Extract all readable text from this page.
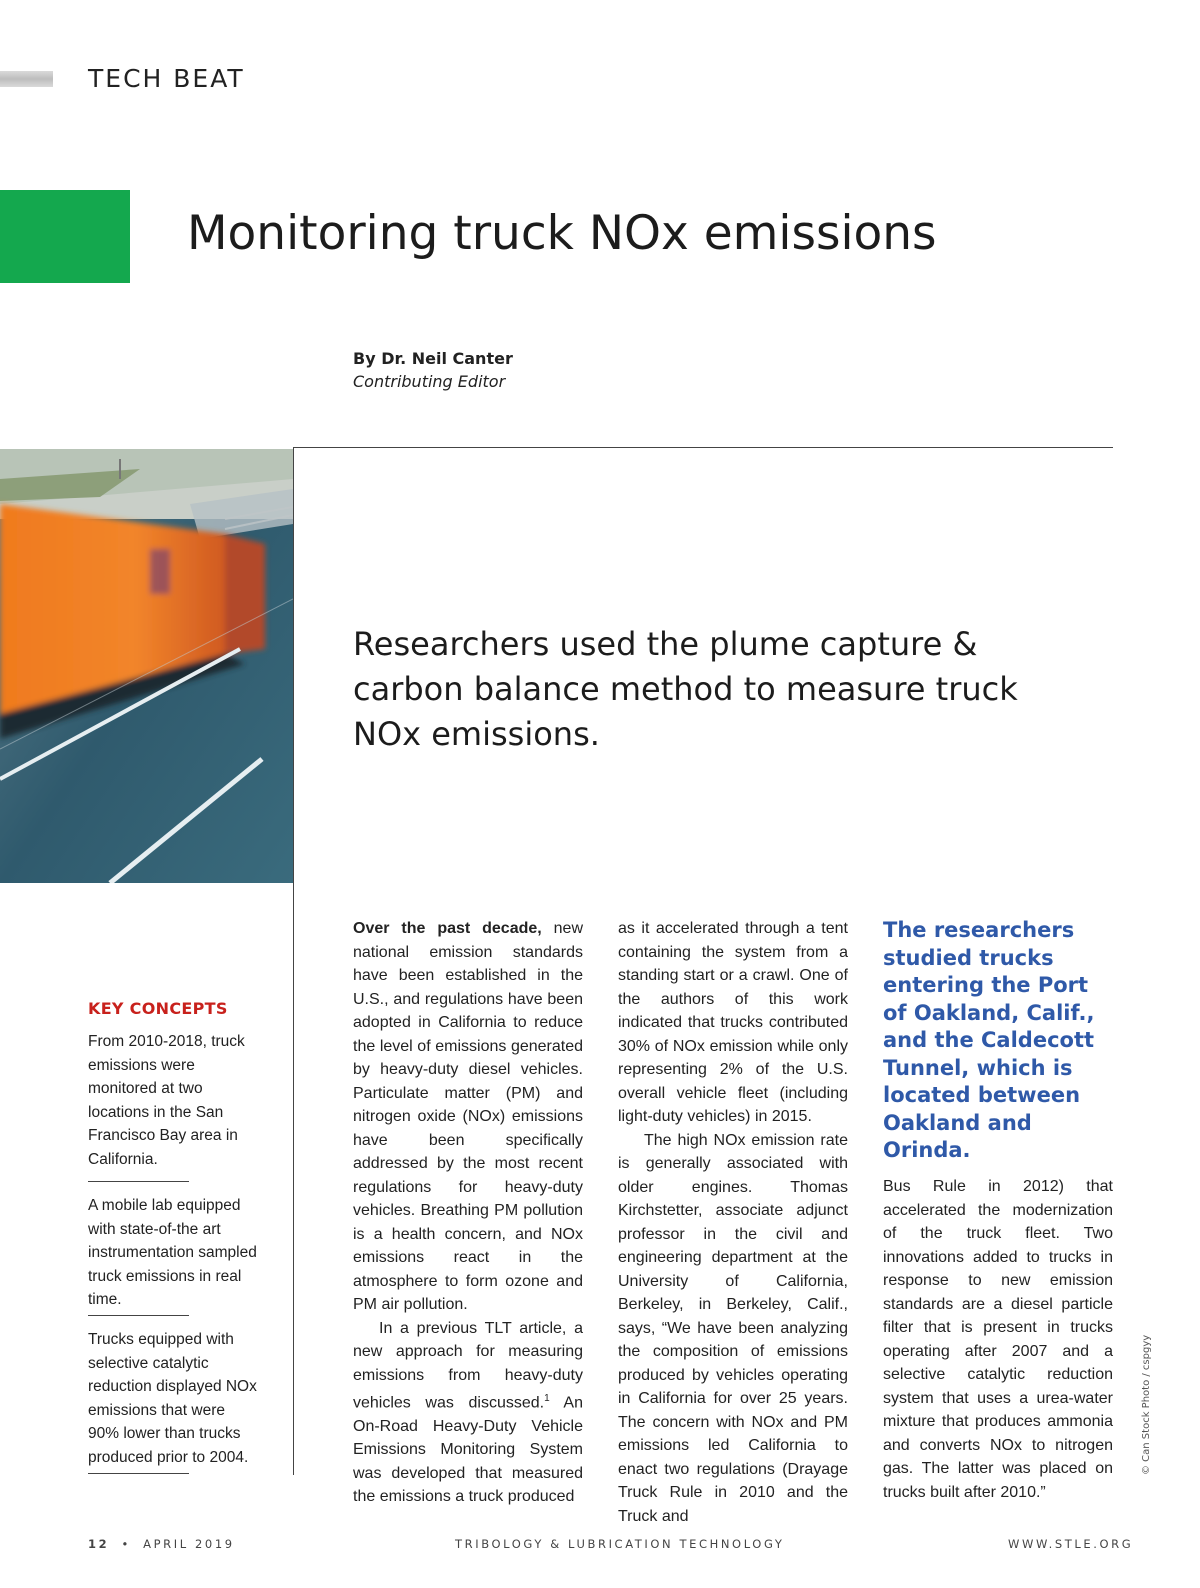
TECH BEAT
Monitoring truck NOx emissions
By Dr. Neil Canter
Contributing Editor
Researchers used the plume capture & carbon balance method to measure truck NOx emissions.
KEY CONCEPTS
From 2010-2018, truck emissions were monitored at two locations in the San Francisco Bay area in California.
A mobile lab equipped with state-of-the art instrumentation sampled truck emissions in real time.
Trucks equipped with selective catalytic reduction displayed NOx emissions that were 90% lower than trucks produced prior to 2004.

Over the past decade, new national emission standards have been established in the U.S., and regulations have been adopted in California to reduce the level of emissions generated by heavy-duty diesel vehicles. Particulate matter (PM) and nitrogen oxide (NOx) emissions have been specifically addressed by the most recent regulations for heavy-duty vehicles. Breathing PM pollution is a health concern, and NOx emissions react in the atmosphere to form ozone and PM air pollution.

In a previous TLT article, a new approach for measuring emissions from heavy-duty vehicles was discussed.$^1$ An On-Road Heavy-Duty Vehicle Emissions Monitoring System was developed that measured the emissions a truck produced

as it accelerated through a tent containing the system from a standing start or a crawl. One of the authors of this work indicated that trucks contributed 30% of NOx emission while only representing 2% of the U.S. overall vehicle fleet (including light-duty vehicles) in 2015.

The high NOx emission rate is generally associated with older engines. Thomas Kirchstetter, associate adjunct professor in the civil and engineering department at the University of California, Berkeley, in Berkeley, Calif., says, “We have been analyzing the composition of emissions produced by vehicles operating in California for over 25 years. The concern with NOx and PM emissions led California to enact two regulations (Drayage Truck Rule in 2010 and the Truck and

The researchers studied trucks entering the Port of Oakland, Calif., and the Caldecott Tunnel, which is located between Oakland and Orinda.

Bus Rule in 2012) that accelerated the modernization of the truck fleet. Two innovations added to trucks in response to new emission standards are a diesel particle filter that is present in trucks operating after 2007 and a selective catalytic reduction system that uses a urea-water mixture that produces ammonia and converts NOx to nitrogen gas. The latter was placed on trucks built after 2010.”

© Can Stock Photo / cspgyy
12 • APRIL 2019	TRIBOLOGY & LUBRICATION TECHNOLOGY	WWW.STLE.ORG
